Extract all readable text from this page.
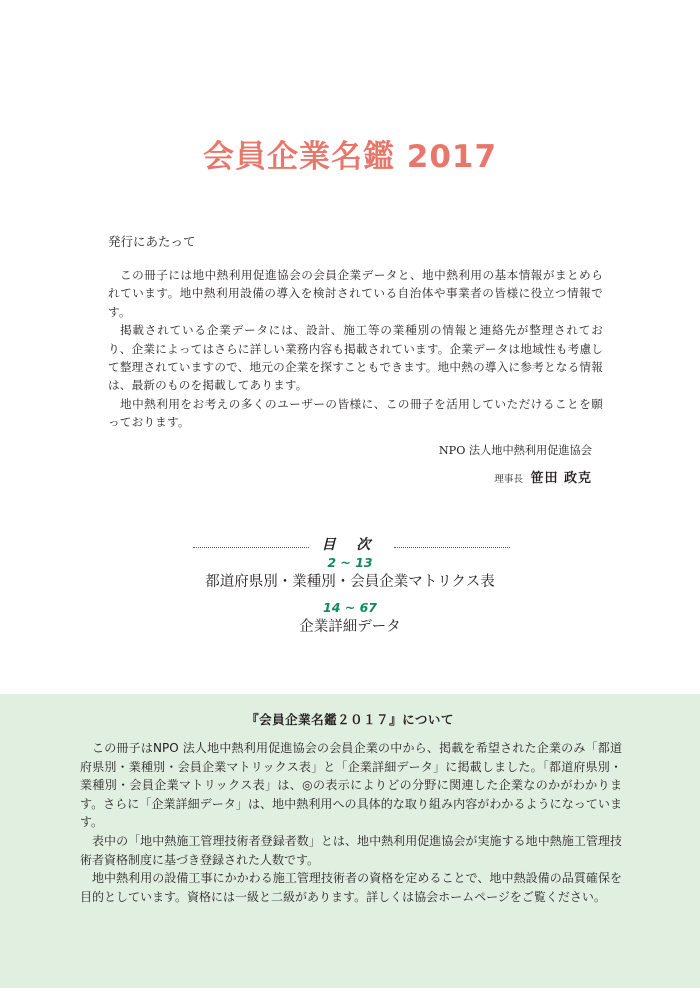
会員企業名鑑 2017
発行にあたって

この冊子には地中熱利用促進協会の会員企業データと、地中熱利用の基本情報がまとめられています。地中熱利用設備の導入を検討されている自治体や事業者の皆様に役立つ情報です。

掲載されている企業データには、設計、施工等の業種別の情報と連絡先が整理されており、企業によってはさらに詳しい業務内容も掲載されています。企業データは地域性も考慮して整理されていますので、地元の企業を探すこともできます。地中熱の導入に参考となる情報は、最新のものを掲載してあります。

地中熱利用をお考えの多くのユーザーの皆様に、この冊子を活用していただけることを願っております。

NPO 法人地中熱利用促進協会
理事長 笹田 政克
目 次
2 ~ 13
都道府県別・業種別・会員企業マトリクス表
14 ~ 67
企業詳細データ
『会員企業名鑑２０１７』について

この冊子はNPO 法人地中熱利用促進協会の会員企業の中から、掲載を希望された企業のみ「都道府県別・業種別・会員企業マトリックス表」と「企業詳細データ」に掲載しました。「都道府県別・業種別・会員企業マトリックス表」は、◎の表示によりどの分野に関連した企業なのかがわかります。さらに「企業詳細データ」は、地中熱利用への具体的な取り組み内容がわかるようになっています。

表中の「地中熱施工管理技術者登録者数」とは、地中熱利用促進協会が実施する地中熱施工管理技術者資格制度に基づき登録された人数です。

地中熱利用の設備工事にかかわる施工管理技術者の資格を定めることで、地中熱設備の品質確保を目的としています。資格には一級と二級があります。詳しくは協会ホームページをご覧ください。
